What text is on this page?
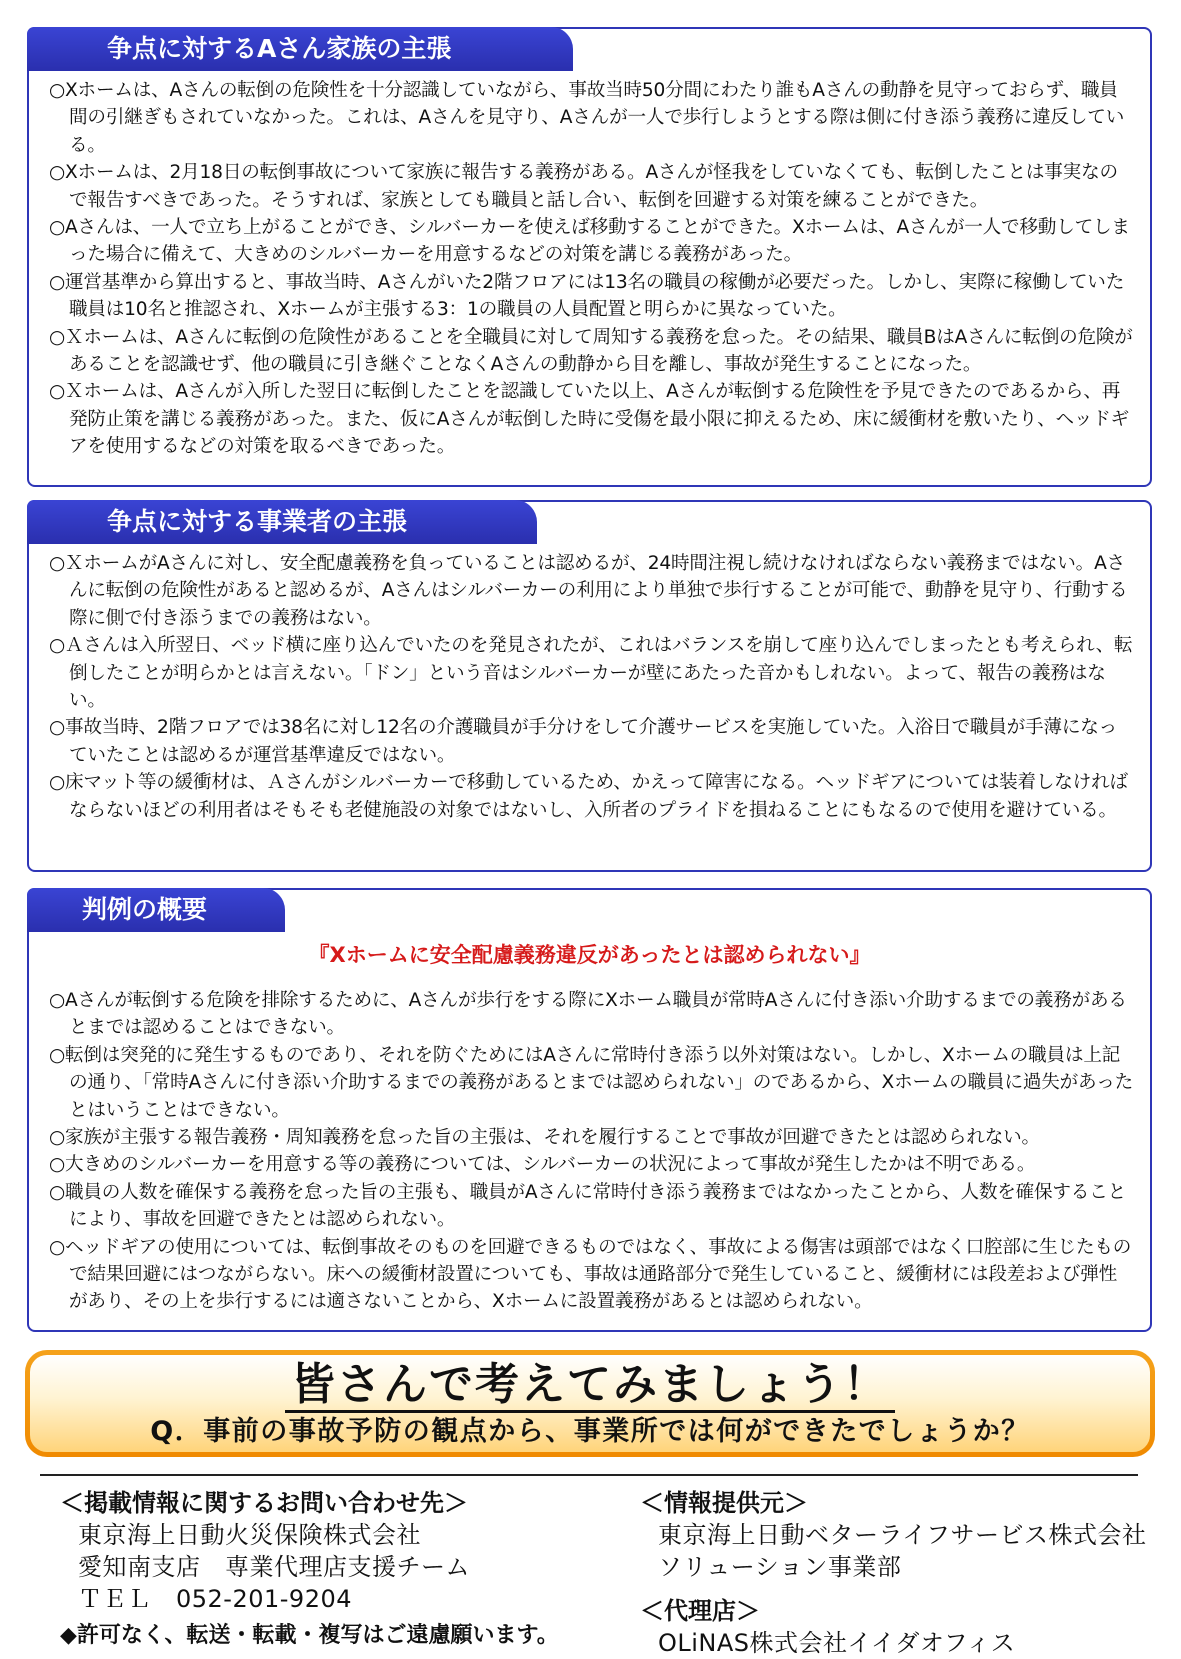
争点に対するAさん家族の主張
○Xホームは、Aさんの転倒の危険性を十分認識していながら、事故当時50分間にわたり誰もAさんの動静を見守っておらず、職員間の引継ぎもされていなかった。これは、Aさんを見守り、Aさんが一人で歩行しようとする際は側に付き添う義務に違反している。
○Xホームは、2月18日の転倒事故について家族に報告する義務がある。Aさんが怪我をしていなくても、転倒したことは事実なので報告すべきであった。そうすれば、家族としても職員と話し合い、転倒を回避する対策を練ることができた。
○Aさんは、一人で立ち上がることができ、シルバーカーを使えば移動することができた。Xホームは、Aさんが一人で移動してしまった場合に備えて、大きめのシルバーカーを用意するなどの対策を講じる義務があった。
○運営基準から算出すると、事故当時、Aさんがいた2階フロアには13名の職員の稼働が必要だった。しかし、実際に稼働していた職員は10名と推認され、Xホームが主張する3：1の職員の人員配置と明らかに異なっていた。
○Ｘホームは、Aさんに転倒の危険性があることを全職員に対して周知する義務を怠った。その結果、職員BはAさんに転倒の危険があることを認識せず、他の職員に引き継ぐことなくAさんの動静から目を離し、事故が発生することになった。
○Ｘホームは、Aさんが入所した翌日に転倒したことを認識していた以上、Aさんが転倒する危険性を予見できたのであるから、再発防止策を講じる義務があった。また、仮にAさんが転倒した時に受傷を最小限に抑えるため、床に緩衝材を敷いたり、ヘッドギアを使用するなどの対策を取るべきであった。
争点に対する事業者の主張
○ＸホームがAさんに対し、安全配慮義務を負っていることは認めるが、24時間注視し続けなければならない義務まではない。Aさんに転倒の危険性があると認めるが、Aさんはシルバーカーの利用により単独で歩行することが可能で、動静を見守り、行動する際に側で付き添うまでの義務はない。
○Ａさんは入所翌日、ベッド横に座り込んでいたのを発見されたが、これはバランスを崩して座り込んでしまったとも考えられ、転倒したことが明らかとは言えない。「ドン」という音はシルバーカーが壁にあたった音かもしれない。よって、報告の義務はない。
○事故当時、2階フロアでは38名に対し12名の介護職員が手分けをして介護サービスを実施していた。入浴日で職員が手薄になっていたことは認めるが運営基準違反ではない。
○床マット等の緩衝材は、Ａさんがシルバーカーで移動しているため、かえって障害になる。ヘッドギアについては装着しなければならないほどの利用者はそもそも老健施設の対象ではないし、入所者のプライドを損ねることにもなるので使用を避けている。
判例の概要
『Xホームに安全配慮義務違反があったとは認められない』
○Aさんが転倒する危険を排除するために、Aさんが歩行をする際にXホーム職員が常時Aさんに付き添い介助するまでの義務があるとまでは認めることはできない。
○転倒は突発的に発生するものであり、それを防ぐためにはAさんに常時付き添う以外対策はない。しかし、Xホームの職員は上記の通り、「常時Aさんに付き添い介助するまでの義務があるとまでは認められない」のであるから、Xホームの職員に過失があったとはいうことはできない。
○家族が主張する報告義務・周知義務を怠った旨の主張は、それを履行することで事故が回避できたとは認められない。
○大きめのシルバーカーを用意する等の義務については、シルバーカーの状況によって事故が発生したかは不明である。
○職員の人数を確保する義務を怠った旨の主張も、職員がAさんに常時付き添う義務まではなかったことから、人数を確保することにより、事故を回避できたとは認められない。
○ヘッドギアの使用については、転倒事故そのものを回避できるものではなく、事故による傷害は頭部ではなく口腔部に生じたもので結果回避にはつながらない。床への緩衝材設置についても、事故は通路部分で発生していること、緩衝材には段差および弾性があり、その上を歩行するには適さないことから、Xホームに設置義務があるとは認められない。
皆さんで考えてみましょう！
Q．事前の事故予防の観点から、事業所では何ができたでしょうか？
＜掲載情報に関するお問い合わせ先＞
東京海上日動火災保険株式会社
愛知南支店　専業代理店支援チーム
ＴＥＬ　052-201-9204
◆許可なく、転送・転載・複写はご遠慮願います。
＜情報提供元＞
東京海上日動ベターライフサービス株式会社
ソリューション事業部
＜代理店＞
OLiNAS株式会社イイダオフィス
